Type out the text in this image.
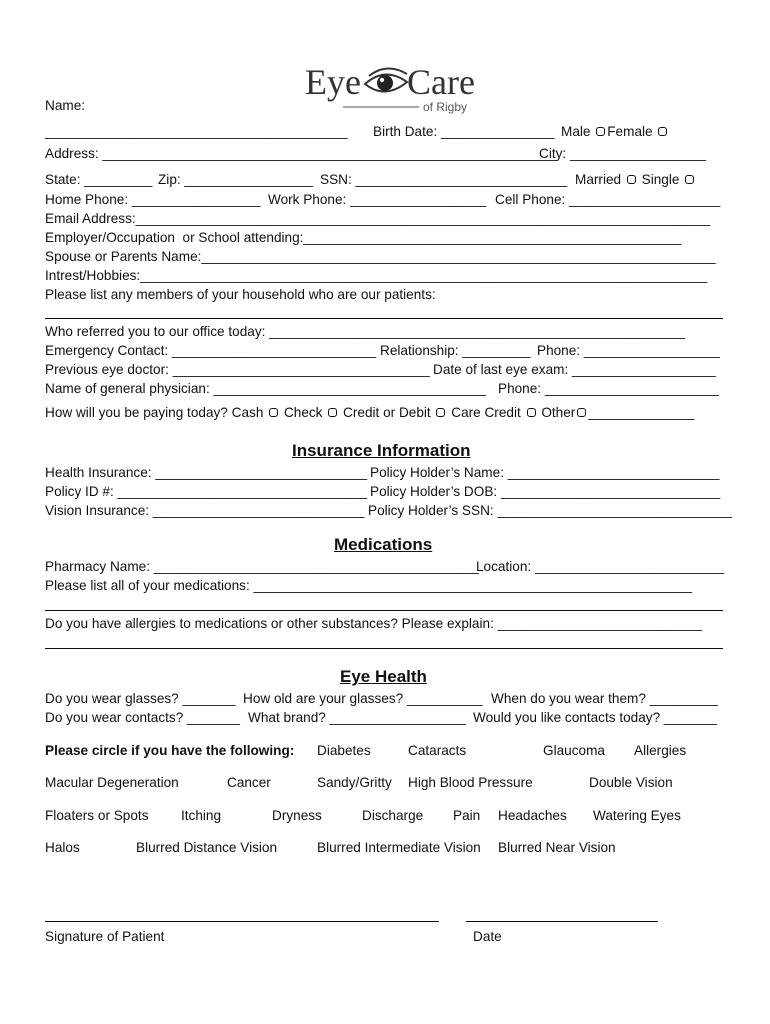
Eye Care
of Rigby
Name:
________________________________________ Birth Date: _______________ Male Female
Address: ____________________________________________________________
City: __________________
State: _________ Zip: _________________ SSN: ____________________________ Married Single
Home Phone: _________________ Work Phone: __________________ Cell Phone: ____________________
Email Address:____________________________________________________________________________
Employer/Occupation  or School attending:__________________________________________________
Spouse or Parents Name:____________________________________________________________________
Intrest/Hobbies:___________________________________________________________________________
Please list any members of your household who are our patients:
Who referred you to our office today: _______________________________________________________
Emergency Contact: ___________________________ Relationship: _________ Phone: __________________
Previous eye doctor: __________________________________ Date of last eye exam: ___________________
Name of general physician: ____________________________________ Phone: _______________________
How will you be paying today? Cash Check Credit or Debit Care Credit Other ______________
Insurance Information
Health Insurance: ____________________________ Policy Holder’s Name: ____________________________
Policy ID #: _________________________________ Policy Holder’s DOB: _____________________________
Vision Insurance: ____________________________ Policy Holder’s SSN: _______________________________
Medications
Pharmacy Name: ___________________________________________
Location: _________________________
Please list all of your medications: __________________________________________________________
Do you have allergies to medications or other substances? Please explain: ___________________________
Eye Health
Do you wear glasses? _______ How old are your glasses? __________ When do you wear them? _________
Do you wear contacts? _______ What brand? __________________ Would you like contacts today? _______
Please circle if you have the following: Diabetes	Cataracts	Glaucoma Allergies
Macular Degeneration	Cancer	Sandy/Gritty High Blood Pressure	Double Vision
Floaters or Spots Itching	Dryness	Discharge Pain Headaches Watering Eyes
Halos	Blurred Distance Vision	Blurred Intermediate Vision Blurred Near Vision
Signature of Patient	Date
